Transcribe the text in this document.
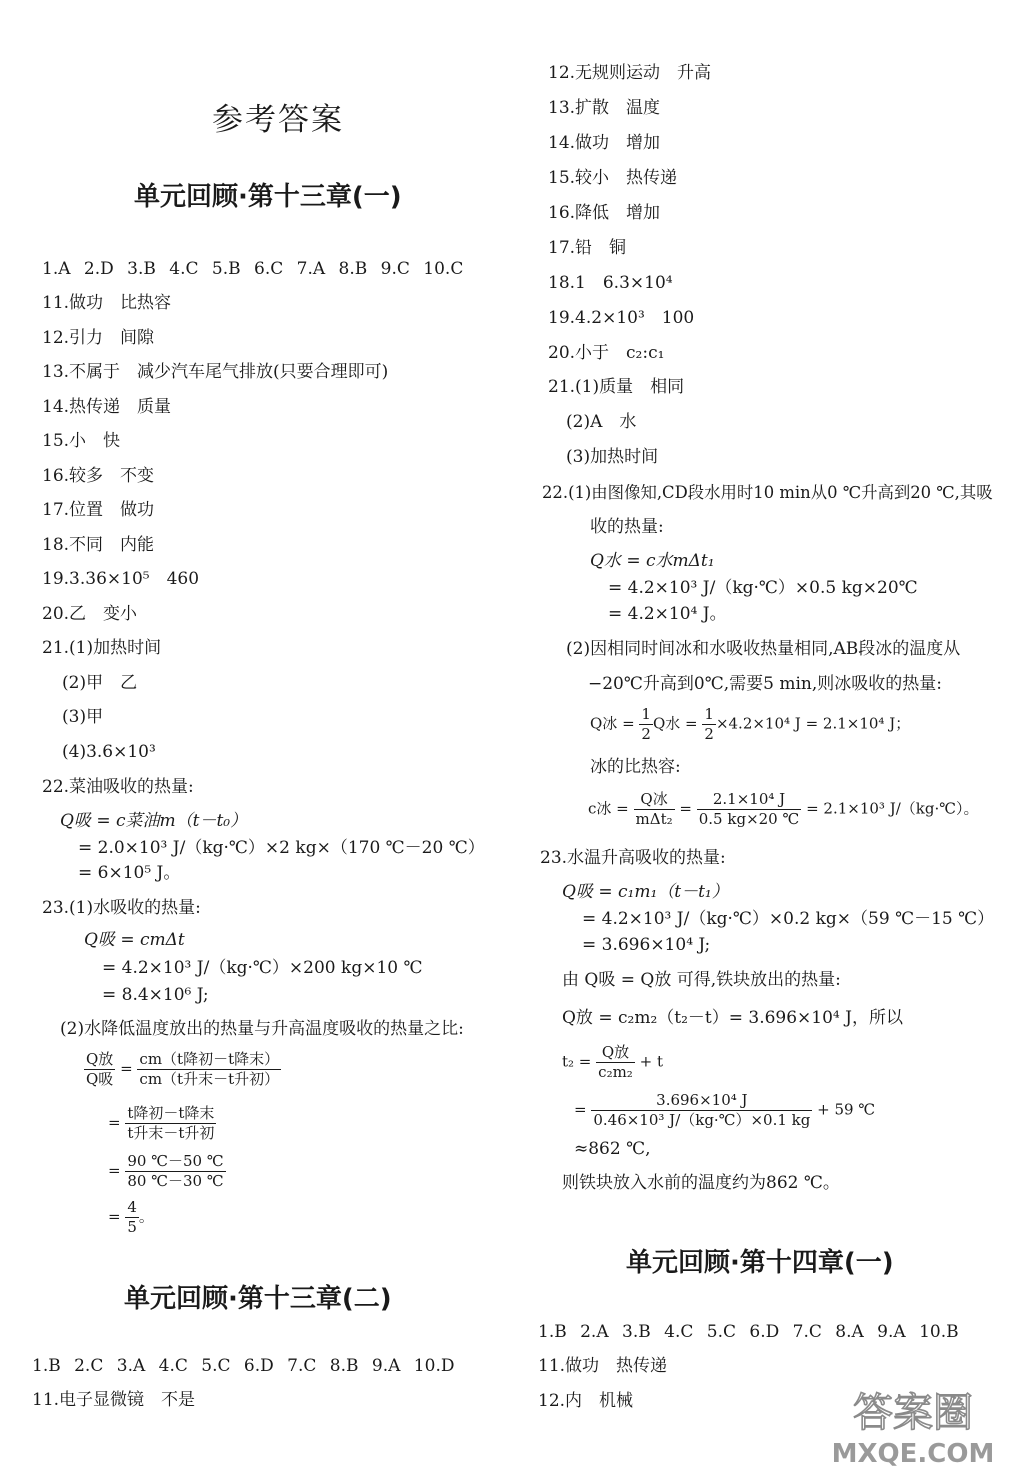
参考答案
单元回顾·第十三章(一)
1.A 2.D 3.B 4.C 5.B 6.C 7.A 8.B 9.C 10.C
11.做功　比热容
12.引力　间隙
13.不属于　减少汽车尾气排放(只要合理即可)
14.热传递　质量
15.小　快
16.较多　不变
17.位置　做功
18.不同　内能
19.3.36×10⁵　460
20.乙　变小
21.(1)加热时间
(2)甲　乙
(3)甲
(4)3.6×10³
22.菜油吸收的热量:
Q吸 = c菜油m（t－t₀）
= 2.0×10³ J/（kg·℃）×2 kg×（170 ℃－20 ℃）
= 6×10⁵ J。
23.(1)水吸收的热量:
Q吸 = cmΔt
= 4.2×10³ J/（kg·℃）×200 kg×10 ℃
= 8.4×10⁶ J;
(2)水降低温度放出的热量与升高温度吸收的热量之比:
$\frac{\text{Q放}}{\text{Q吸}} = \frac{\text{cm（t降初－t降末）}}{\text{cm（t升末－t升初）}}$
= $\frac{\text{t降初－t降末}}{\text{t升末－t升初}}$
= $\frac{90 ℃-50 ℃}{80 ℃-30 ℃}$
= $\frac{4}{5}$ 。
单元回顾·第十三章(二)
1.B 2.C 3.A 4.C 5.C 6.D 7.C 8.B 9.A 10.D
11.电子显微镜　不是
12.无规则运动　升高
13.扩散　温度
14.做功　增加
15.较小　热传递
16.降低　增加
17.铅　铜
18.1　6.3×10⁴
19.4.2×10³　100
20.小于　c₂:c₁
21.(1)质量　相同
(2)A　水
(3)加热时间
22.(1)由图像知,CD段水用时10 min从0 ℃升高到20 ℃,其吸
收的热量:
Q水 = c水mΔt₁
= 4.2×10³ J/（kg·℃）×0.5 kg×20℃
= 4.2×10⁴ J。
(2)因相同时间冰和水吸收热量相同,AB段冰的温度从
−20℃升高到0℃,需要5 min,则冰吸收的热量:
Q冰 = $\frac{1}{2}$ Q水 = $\frac{1}{2} \times 4.2\times 10^4$ J = 2.1×10⁴ J；
冰的比热容:
c冰 = $\frac{\text{Q冰}}{\text{mΔt₂}} = \frac{\text{2.1×10⁴ J}}{0.5 kg\times 20 ℃} = 2.1\times 10^3$ J/（kg·℃）。
23.水温升高吸收的热量:
Q吸 = c₁m₁（t－t₁）
= 4.2×10³ J/（kg·℃）×0.2 kg×（59 ℃－15 ℃）
= 3.696×10⁴ J;
由 Q吸 = Q放 可得,铁块放出的热量:
Q放 = c₂m₂（t₂－t）= 3.696×10⁴ J，所以
$t_2 = \frac{\text{Q放}}{\text{c₂m₂}} + t$
= $\frac{\text{3.696×10⁴ J}}{\text{0.46×10³ J/（kg·℃）×0.1 kg}} + 59$ ℃
≈862 ℃,
则铁块放入水前的温度约为862 ℃。
单元回顾·第十四章(一)
1.B 2.A 3.B 4.C 5.C 6.D 7.C 8.A 9.A 10.B
11.做功　热传递
12.内　机械	答案圈
MXQE.COM
